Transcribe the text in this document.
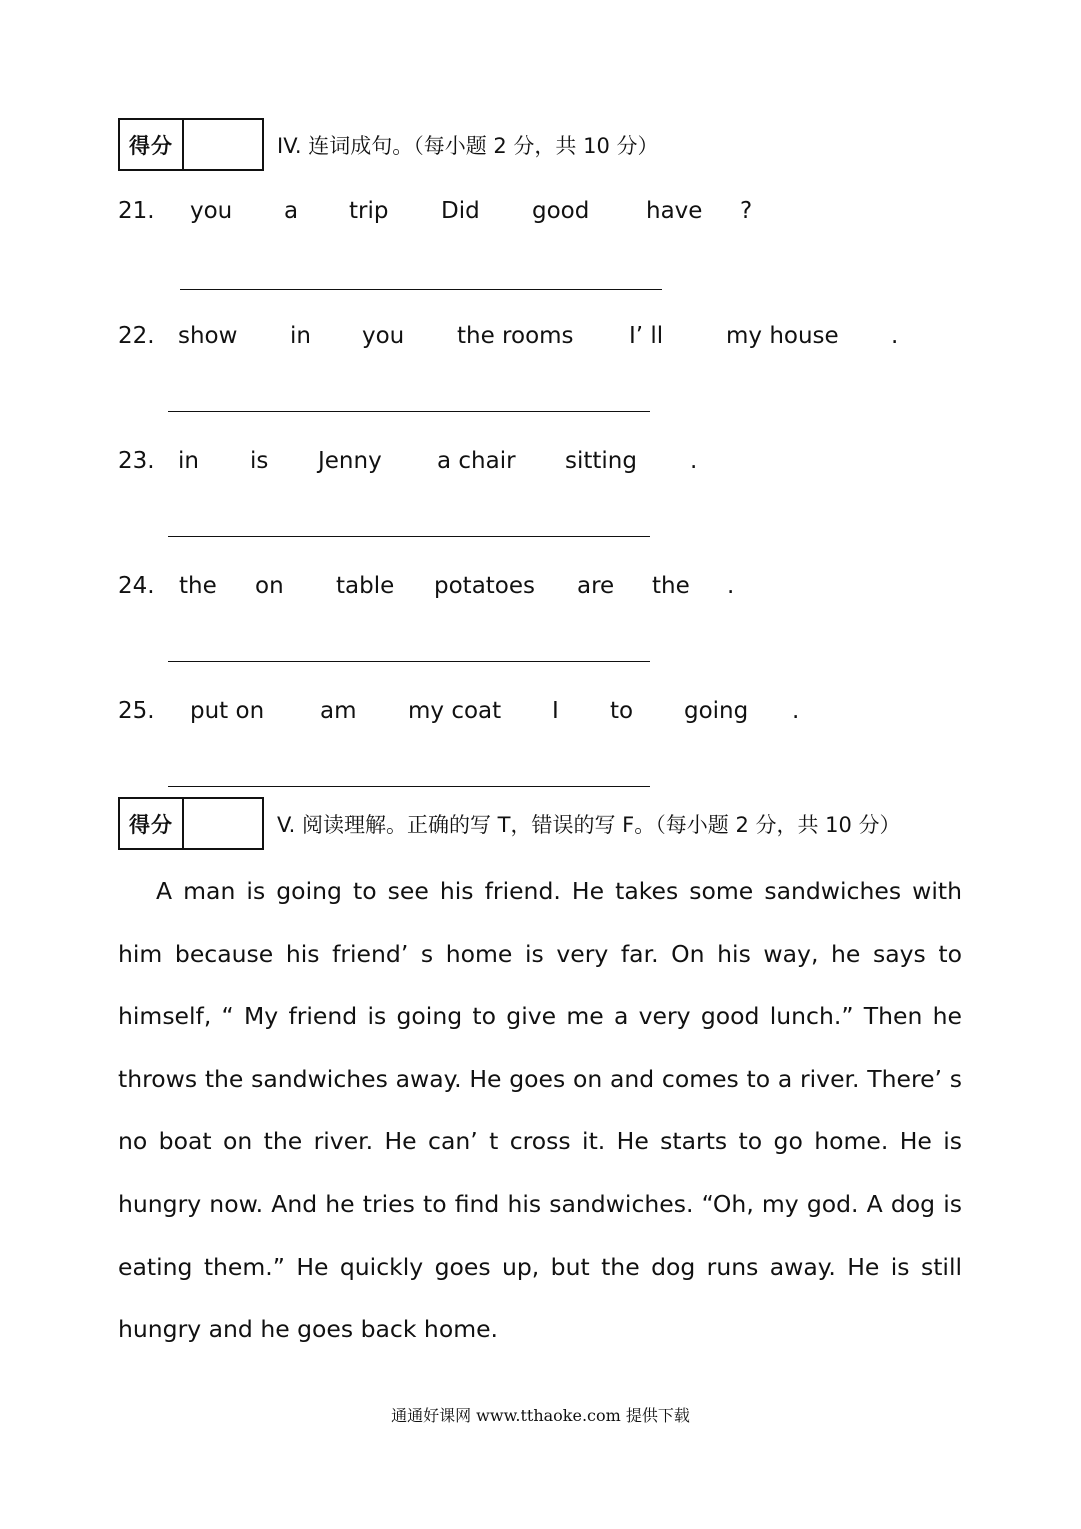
得分	IV. 连词成句。（每小题 2 分，共 10 分）
21. you a trip Did good have ?
22. show in you the rooms I’ ll	my house .
23. in is Jenny a chair sitting .
24. the on table potatoes are the .
25. put on am my coat I to going .
得分	V. 阅读理解。正确的写 T，错误的写 F。（每小题 2 分，共 10 分）
A man is going to see his friend. He takes some sandwiches with him because his friend’ s home is very far. On his way, he says to himself, “ My friend is going to give me a very good lunch.” Then he throws the sandwiches away. He goes on and comes to a river. There’ s no boat on the river. He can’ t cross it. He starts to go home. He is hungry now. And he tries to find his sandwiches. “Oh, my god. A dog is eating them.” He quickly goes up, but the dog runs away. He is still hungry and he goes back home.
通通好课网 www.tthaoke.com 提供下载
